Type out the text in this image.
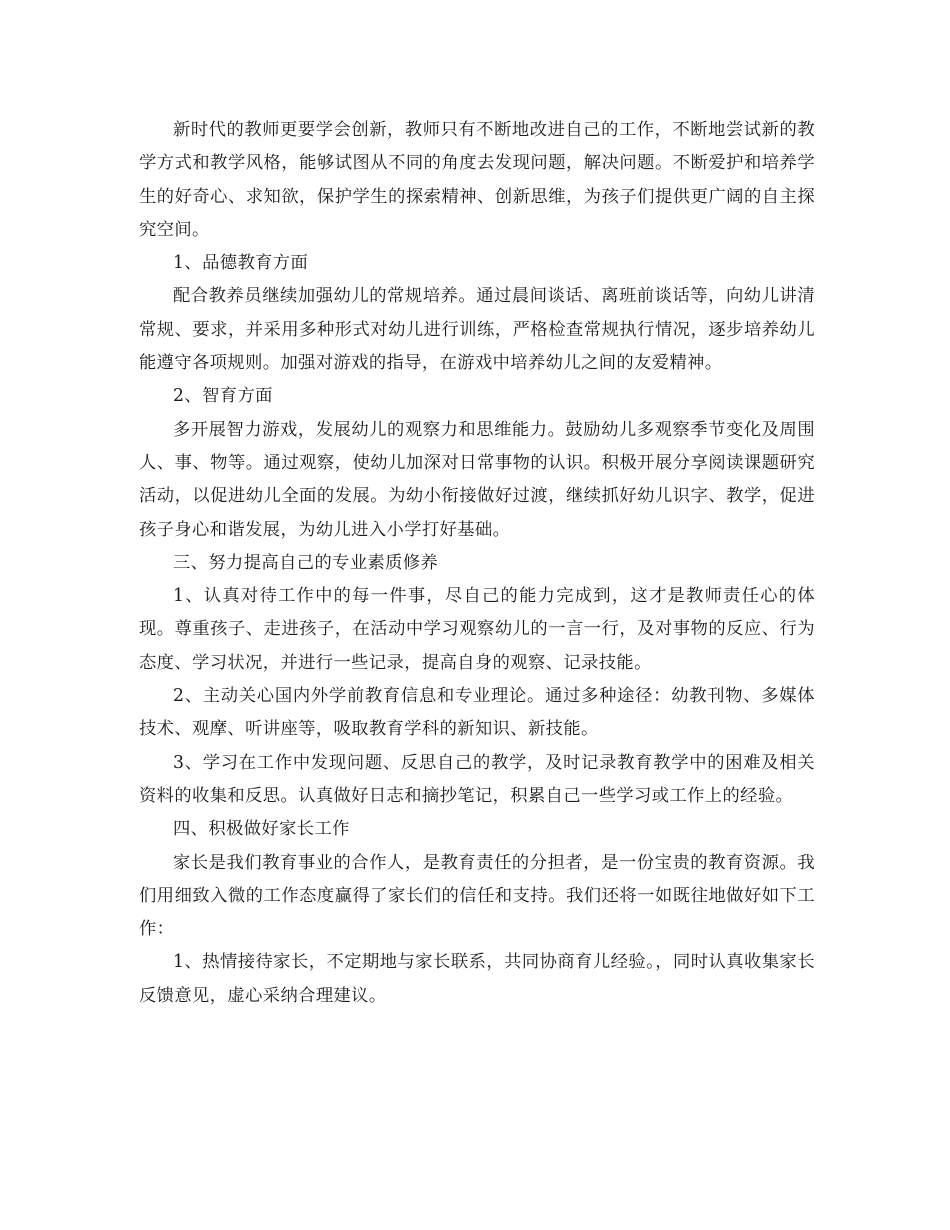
新时代的教师更要学会创新，教师只有不断地改进自己的工作，不断地尝试新的教学方式和教学风格，能够试图从不同的角度去发现问题，解决问题。不断爱护和培养学生的好奇心、求知欲，保护学生的探索精神、创新思维，为孩子们提供更广阔的自主探究空间。

1、品德教育方面

配合教养员继续加强幼儿的常规培养。通过晨间谈话、离班前谈话等，向幼儿讲清常规、要求，并采用多种形式对幼儿进行训练，严格检查常规执行情况，逐步培养幼儿能遵守各项规则。加强对游戏的指导，在游戏中培养幼儿之间的友爱精神。

2、智育方面

多开展智力游戏，发展幼儿的观察力和思维能力。鼓励幼儿多观察季节变化及周围人、事、物等。通过观察，使幼儿加深对日常事物的认识。积极开展分享阅读课题研究活动，以促进幼儿全面的发展。为幼小衔接做好过渡，继续抓好幼儿识字、教学，促进孩子身心和谐发展，为幼儿进入小学打好基础。

三、努力提高自己的专业素质修养

1、认真对待工作中的每一件事，尽自己的能力完成到，这才是教师责任心的体现。尊重孩子、走进孩子，在活动中学习观察幼儿的一言一行，及对事物的反应、行为态度、学习状况，并进行一些记录，提高自身的观察、记录技能。

2、主动关心国内外学前教育信息和专业理论。通过多种途径：幼教刊物、多媒体技术、观摩、听讲座等，吸取教育学科的新知识、新技能。

3、学习在工作中发现问题、反思自己的教学，及时记录教育教学中的困难及相关资料的收集和反思。认真做好日志和摘抄笔记，积累自己一些学习或工作上的经验。

四、积极做好家长工作

家长是我们教育事业的合作人，是教育责任的分担者，是一份宝贵的教育资源。我们用细致入微的工作态度赢得了家长们的信任和支持。我们还将一如既往地做好如下工作：

1、热情接待家长，不定期地与家长联系，共同协商育儿经验。，同时认真收集家长反馈意见，虚心采纳合理建议。
